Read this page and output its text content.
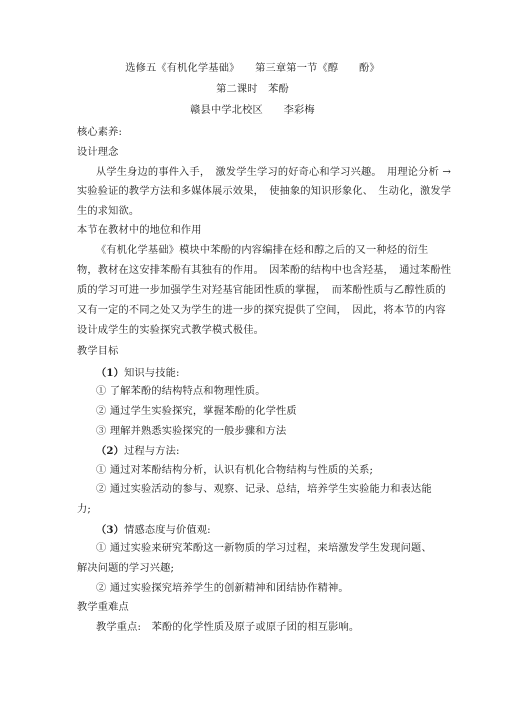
选修五《有机化学基础》　　第三章第一节《醇　　酚》
第二课时　苯酚
赣县中学北校区　　李彩梅
核心素养:
设计理念
从学生身边的事件入手，　激发学生学习的好奇心和学习兴趣。　用理论分析 →
实验验证的教学方法和多媒体展示效果，　使抽象的知识形象化、　生动化，激发学
生的求知欲。
本节在教材中的地位和作用
《有机化学基础》模块中苯酚的内容编排在烃和醇之后的又一种烃的衍生
物，教材在这安排苯酚有其独有的作用。　因苯酚的结构中也含羟基，　通过苯酚性
质的学习可进一步加强学生对羟基官能团性质的掌握，　而苯酚性质与乙醇性质的
又有一定的不同之处又为学生的进一步的探究提供了空间，　因此，将本节的内容
设计成学生的实验探究式教学模式极佳。
教学目标
（1）知识与技能:
① 了解苯酚的结构特点和物理性质。
② 通过学生实验探究，掌握苯酚的化学性质
③ 理解并熟悉实验探究的一般步骤和方法
（2）过程与方法:
① 通过对苯酚结构分析，认识有机化合物结构与性质的关系;
② 通过实验活动的参与、观察、记录、总结，培养学生实验能力和表达能
力;
（3）情感态度与价值观:
① 通过实验来研究苯酚这一新物质的学习过程，来培激发学生发现问题、
解决问题的学习兴趣;
② 通过实验探究培养学生的创新精神和团结协作精神。
教学重难点
教学重点:　苯酚的化学性质及原子或原子团的相互影响。
